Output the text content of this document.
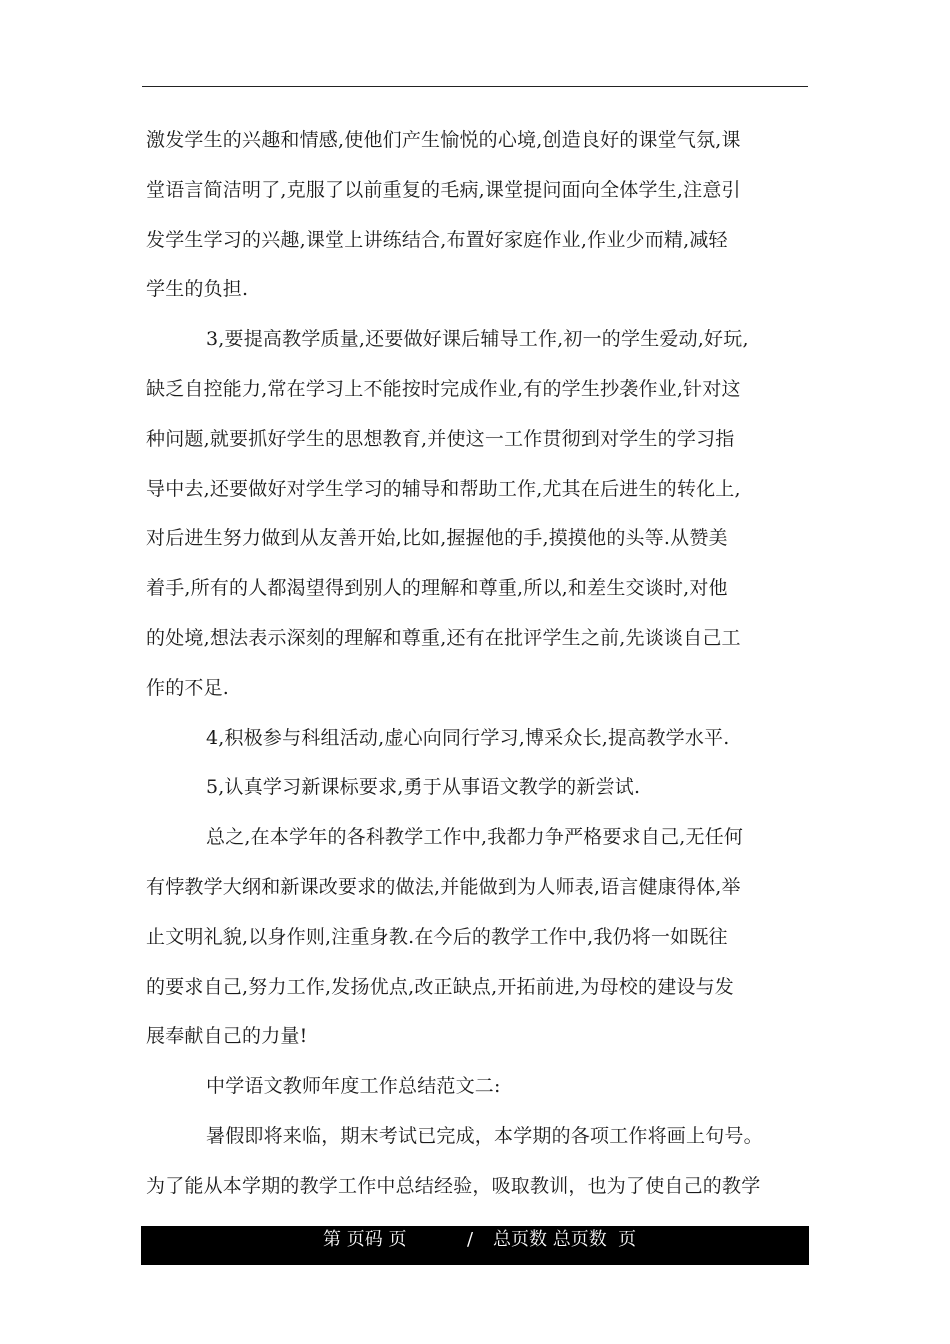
激发学生的兴趣和情感,使他们产生愉悦的心境,创造良好的课堂气氛,课
堂语言简洁明了,克服了以前重复的毛病,课堂提问面向全体学生,注意引
发学生学习的兴趣,课堂上讲练结合,布置好家庭作业,作业少而精,减轻
学生的负担.
3,要提高教学质量,还要做好课后辅导工作,初一的学生爱动,好玩,
缺乏自控能力,常在学习上不能按时完成作业,有的学生抄袭作业,针对这
种问题,就要抓好学生的思想教育,并使这一工作贯彻到对学生的学习指
导中去,还要做好对学生学习的辅导和帮助工作,尤其在后进生的转化上,
对后进生努力做到从友善开始,比如,握握他的手,摸摸他的头等.从赞美
着手,所有的人都渴望得到别人的理解和尊重,所以,和差生交谈时,对他
的处境,想法表示深刻的理解和尊重,还有在批评学生之前,先谈谈自己工
作的不足.
4,积极参与科组活动,虚心向同行学习,博采众长,提高教学水平.
5,认真学习新课标要求,勇于从事语文教学的新尝试.
总之,在本学年的各科教学工作中,我都力争严格要求自己,无任何
有悖教学大纲和新课改要求的做法,并能做到为人师表,语言健康得体,举
止文明礼貌,以身作则,注重身教.在今后的教学工作中,我仍将一如既往
的要求自己,努力工作,发扬优点,改正缺点,开拓前进,为母校的建设与发
展奉献自己的力量!
中学语文教师年度工作总结范文二:
暑假即将来临，期末考试已完成，本学期的各项工作将画上句号。
为了能从本学期的教学工作中总结经验，吸取教训，也为了使自己的教学
第 页码 页	/ 总页数 总页数  页
